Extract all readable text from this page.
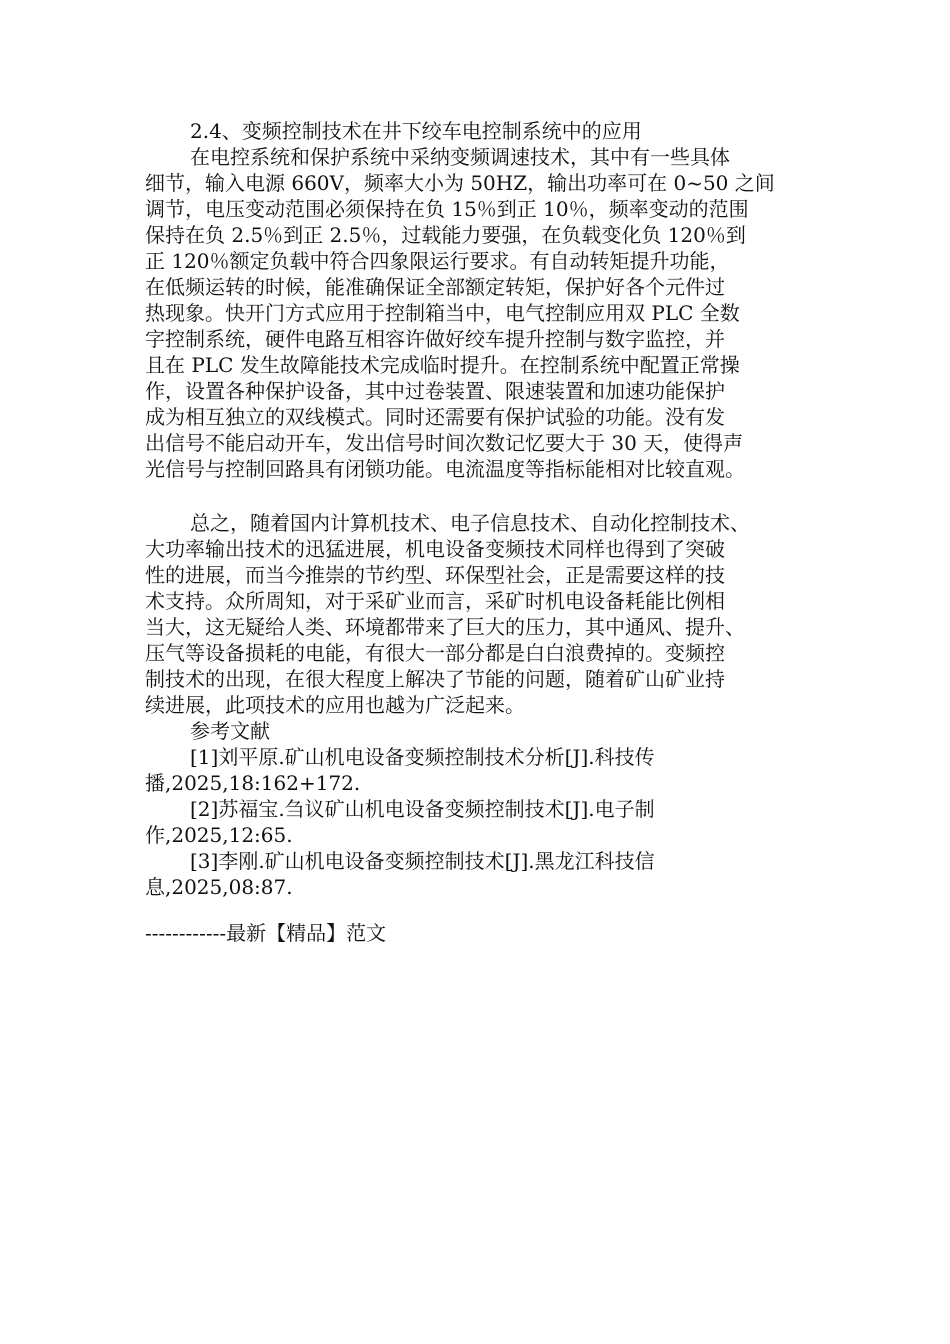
2.4、变频控制技术在井下绞车电控制系统中的应用
在电控系统和保护系统中采纳变频调速技术，其中有一些具体
细节，输入电源 660V，频率大小为 50HZ，输出功率可在 0~50 之间
调节，电压变动范围必须保持在负 15％到正 10％，频率变动的范围
保持在负 2.5％到正 2.5％，过载能力要强，在负载变化负 120％到
正 120％额定负载中符合四象限运行要求。有自动转矩提升功能，
在低频运转的时候，能准确保证全部额定转矩，保护好各个元件过
热现象。快开门方式应用于控制箱当中，电气控制应用双 PLC 全数
字控制系统，硬件电路互相容许做好绞车提升控制与数字监控，并
且在 PLC 发生故障能技术完成临时提升。在控制系统中配置正常操
作，设置各种保护设备，其中过卷装置、限速装置和加速功能保护
成为相互独立的双线模式。同时还需要有保护试验的功能。没有发
出信号不能启动开车，发出信号时间次数记忆要大于 30 天，使得声
光信号与控制回路具有闭锁功能。电流温度等指标能相对比较直观。
总之，随着国内计算机技术、电子信息技术、自动化控制技术、
大功率输出技术的迅猛进展，机电设备变频技术同样也得到了突破
性的进展，而当今推崇的节约型、环保型社会，正是需要这样的技
术支持。众所周知，对于采矿业而言，采矿时机电设备耗能比例相
当大，这无疑给人类、环境都带来了巨大的压力，其中通风、提升、
压气等设备损耗的电能，有很大一部分都是白白浪费掉的。变频控
制技术的出现，在很大程度上解决了节能的问题，随着矿山矿业持
续进展，此项技术的应用也越为广泛起来。
参考文献
[1]刘平原.矿山机电设备变频控制技术分析[J].科技传
播,2025,18:162+172.
[2]苏福宝.刍议矿山机电设备变频控制技术[J].电子制
作,2025,12:65.
[3]李刚.矿山机电设备变频控制技术[J].黑龙江科技信
息,2025,08:87.
------------最新【精品】范文
